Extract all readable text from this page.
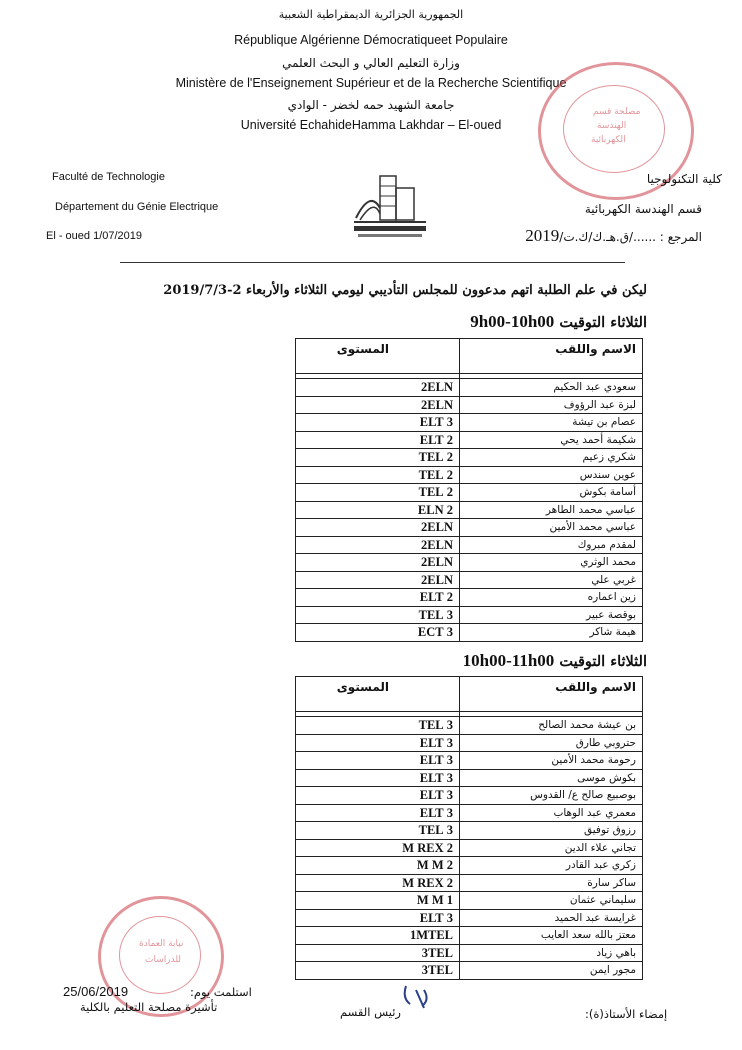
الجمهورية الجزائرية الديمقراطية الشعبية
République Algérienne Démocratiqueet Populaire
وزارة التعليم العالي و البحث العلمي
Ministère de l'Enseignement Supérieur et de la Recherche Scientifique
جامعة الشهيد حمه لخضر - الوادي
Université EchahideHamma Lakhdar – El-oued
مصلحة قسم
الهندسة
الكهربائية
Faculté de Technologie
Département du Génie Electrique
El - oued 1/07/2019
كلية التكنولوجيا
قسم الهندسة الكهربائية
المرجع : ....../ق.هـ.ك/ك.ت/2019
ليكن في علم الطلبة اتهم مدعوون للمجلس التأديبي ليومي الثلاثاء والأربعاء 2-2019/7/3
الثلاثاء التوقيت 9h00-10h00
الاسم واللقب	المستوى

سعودي عبد الحكيم	2ELN
لبزة عبد الرؤوف	2ELN
عصام بن تيشة	3 ELT
شكيمة أحمد يحي	2 ELT
شكري زعيم	2 TEL
عوين سندس	2 TEL
أسامة بكوش	2 TEL
عباسي محمد الطاهر	2 ELN
عباسي محمد الأمين	2ELN
لمقدم مبروك	2ELN
محمد الوثري	2ELN
غربي علي	2ELN
زين اعماره	2 ELT
بوقصة عبير	3 TEL
هيمة شاكر	3 ECT
الثلاثاء التوقيت 10h00-11h00
الاسم واللقب	المستوى

بن عيشة محمد الصالح	3 TEL
حتروبي طارق	3 ELT
رحومة محمد الأمين	3 ELT
بكوش موسى	3 ELT
بوصبيع صالح ع/ القدوس	3 ELT
معمري عبد الوهاب	3 ELT
رزوق توفيق	3 TEL
تجاني علاء الدين	2 M REX
زكري عبد القادر	2 M M
ساكر سارة	2 M REX
سليماني عثمان	1 M M
غرايسة عبد الحميد	3 ELT
معتز بالله سعد العايب	1MTEL
باهي زياد	3TEL
مجور ايمن	3TEL
نيابة العمادة
للدراسات
استلمت يوم:
25/06/2019
تأشيرة مصلحة التعليم بالكلية	رئيس القسم	إمضاء الأستاذ(ة):
